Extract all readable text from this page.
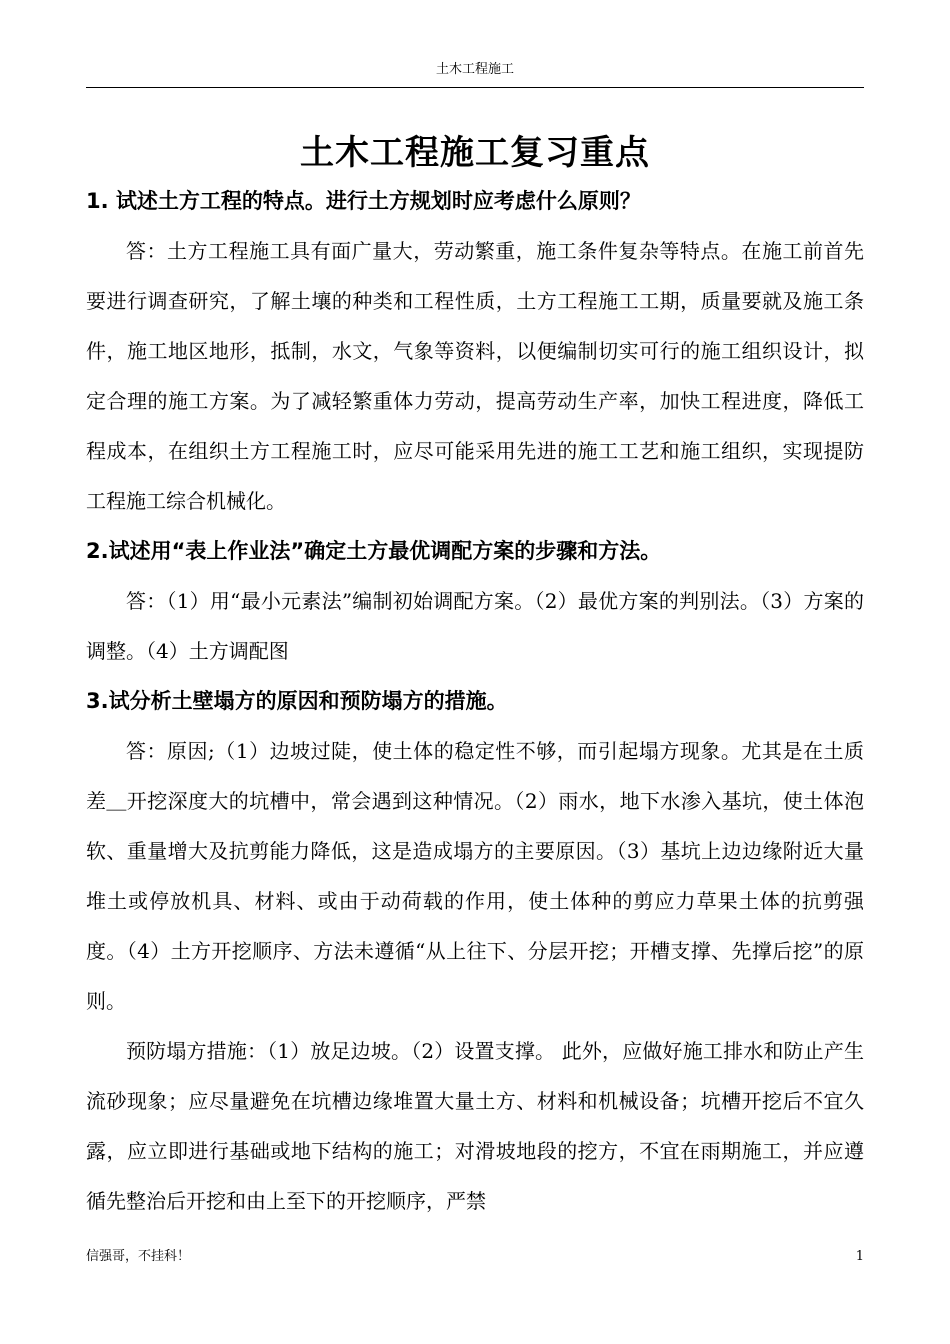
土木工程施工
土木工程施工复习重点

1. 试述土方工程的特点。进行土方规划时应考虑什么原则？

答：土方工程施工具有面广量大，劳动繁重，施工条件复杂等特点。在施工前首先要进行调查研究，了解土壤的种类和工程性质，土方工程施工工期，质量要就及施工条件，施工地区地形，抵制，水文，气象等资料，以便编制切实可行的施工组织设计，拟定合理的施工方案。为了减轻繁重体力劳动，提高劳动生产率，加快工程进度，降低工程成本，在组织土方工程施工时，应尽可能采用先进的施工工艺和施工组织，实现提防工程施工综合机械化。

2.试述用“表上作业法”确定土方最优调配方案的步骤和方法。

答：（1）用“最小元素法”编制初始调配方案。（2）最优方案的判别法。（3）方案的调整。（4）土方调配图

3.试分析土壁塌方的原因和预防塌方的措施。

答：原因;（1）边坡过陡，使土体的稳定性不够，而引起塌方现象。尤其是在土质差＿开挖深度大的坑槽中，常会遇到这种情况。（2）雨水，地下水渗入基坑，使土体泡软、重量增大及抗剪能力降低，这是造成塌方的主要原因。（3）基坑上边边缘附近大量堆土或停放机具、材料、或由于动荷载的作用，使土体种的剪应力草果土体的抗剪强度。（4）土方开挖顺序、方法未遵循“从上往下、分层开挖；开槽支撑、先撑后挖”的原则。

预防塌方措施：（1）放足边坡。（2）设置支撑。 此外，应做好施工排水和防止产生流砂现象；应尽量避免在坑槽边缘堆置大量土方、材料和机械设备；坑槽开挖后不宜久露，应立即进行基础或地下结构的施工；对滑坡地段的挖方，不宜在雨期施工，并应遵循先整治后开挖和由上至下的开挖顺序，严禁

信强哥，不挂科！	1
